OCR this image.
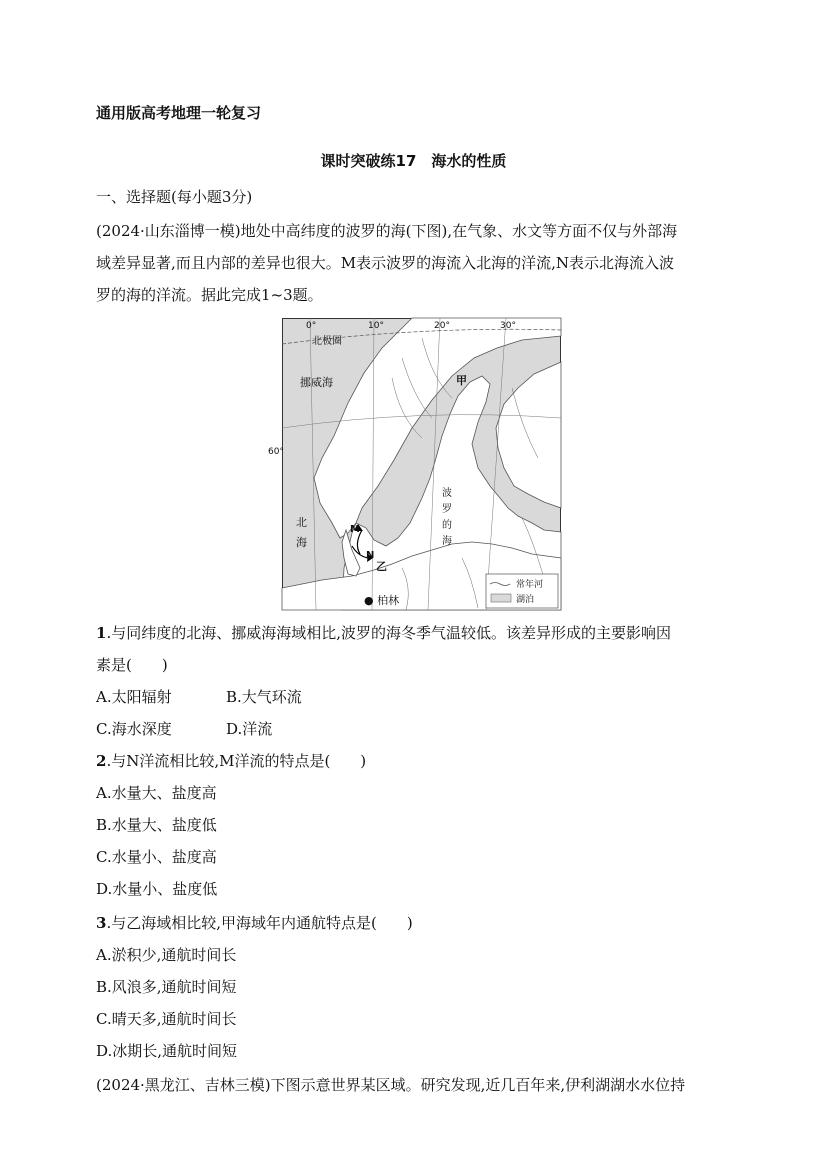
通用版高考地理一轮复习
课时突破练17　海水的性质
一、选择题(每小题3分)
(2024·山东淄博一模)地处中高纬度的波罗的海(下图),在气象、水文等方面不仅与外部海
域差异显著,而且内部的差异也很大。M表示波罗的海流入北海的洋流,N表示北海流入波
罗的海的洋流。据此完成1~3题。
0°	10°	20°	30°
60°
北极圈
挪威海	甲
北
海
波
罗
的
海
M
N
乙
常年河
湖泊
● 柏林
1.与同纬度的北海、挪威海海域相比,波罗的海冬季气温较低。该差异形成的主要影响因
素是(　　)
A.太阳辐射	B.大气环流
C.海水深度	D.洋流
2.与N洋流相比较,M洋流的特点是(　　)
A.水量大、盐度高
B.水量大、盐度低
C.水量小、盐度高
D.水量小、盐度低
3.与乙海域相比较,甲海域年内通航特点是(　　)
A.淤积少,通航时间长
B.风浪多,通航时间短
C.晴天多,通航时间长
D.冰期长,通航时间短
(2024·黑龙江、吉林三模)下图示意世界某区域。研究发现,近几百年来,伊利湖湖水水位持
